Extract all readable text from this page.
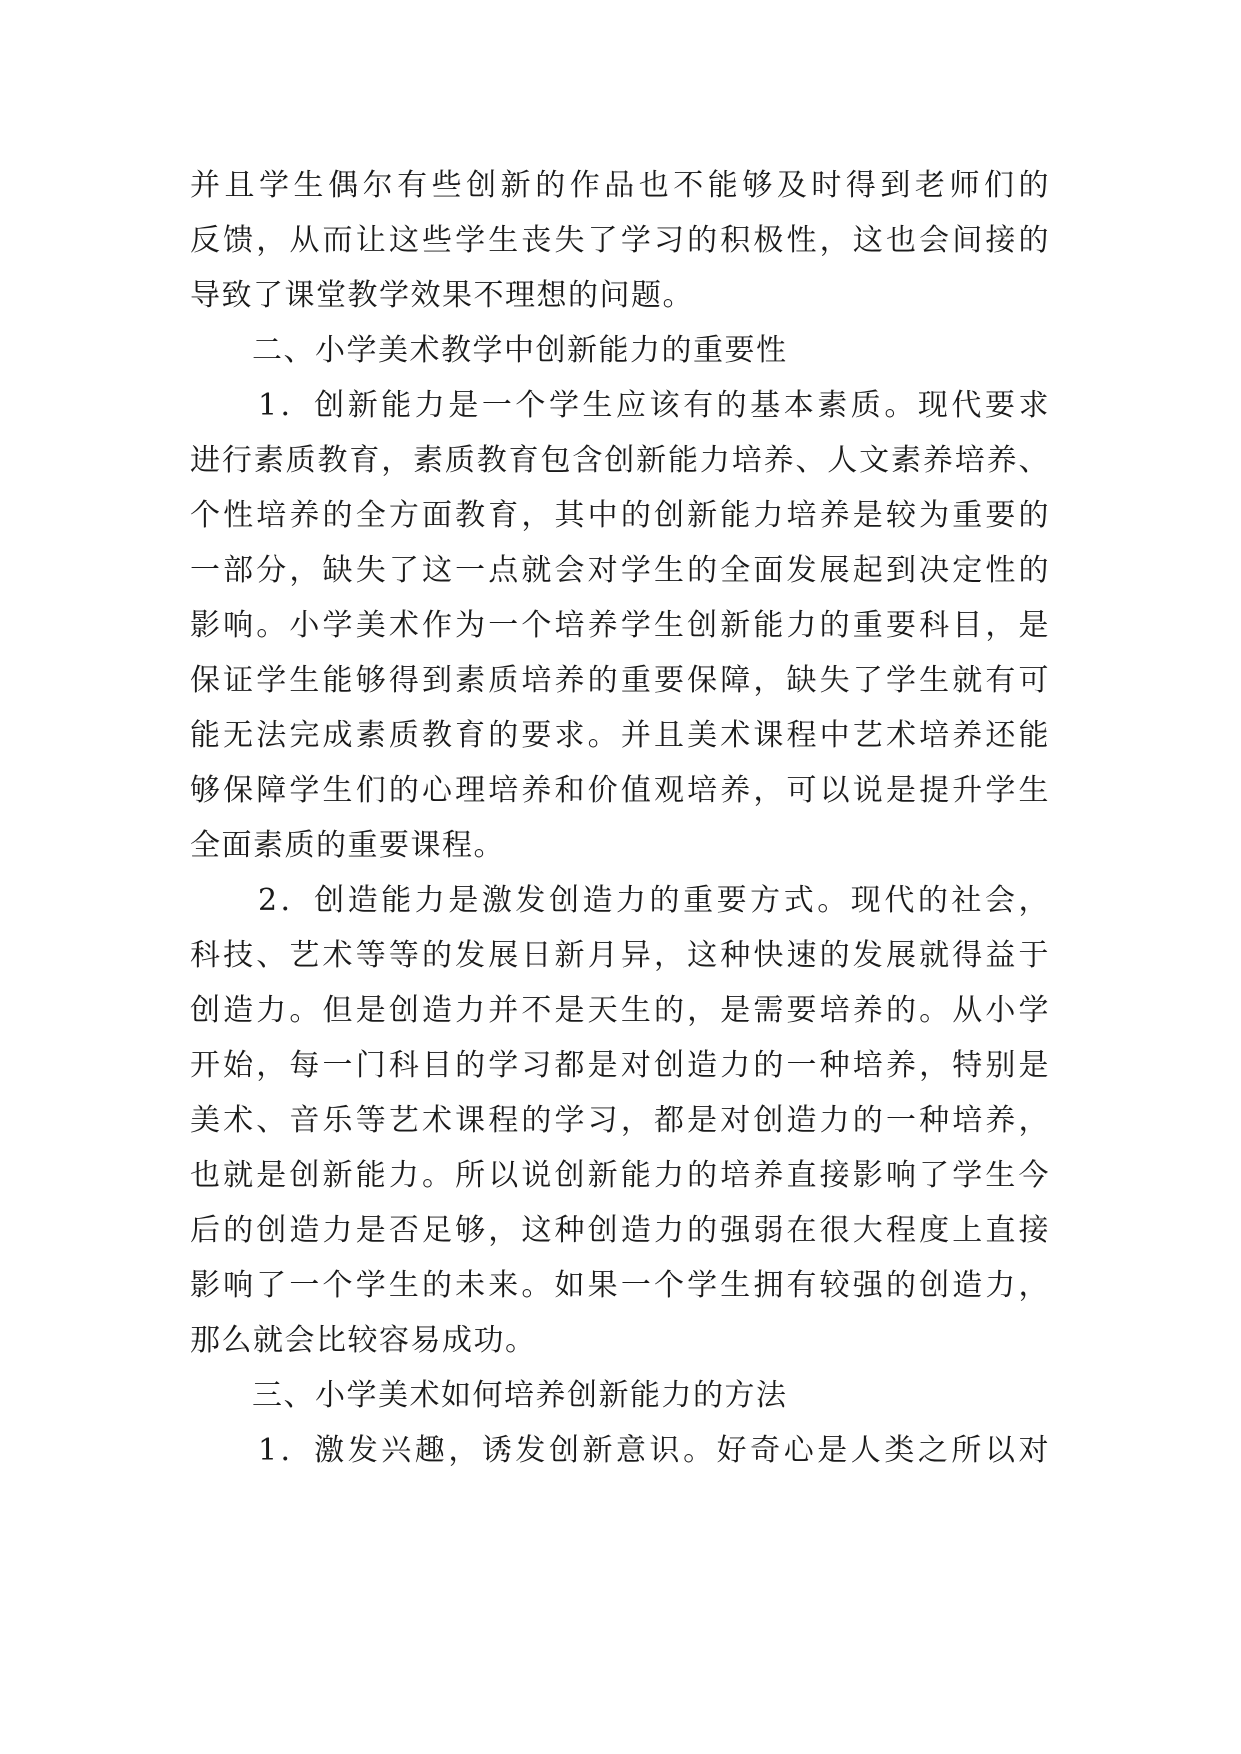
并且学生偶尔有些创新的作品也不能够及时得到老师们的
反馈，从而让这些学生丧失了学习的积极性，这也会间接的
导致了课堂教学效果不理想的问题。
二、小学美术教学中创新能力的重要性
1．创新能力是一个学生应该有的基本素质。现代要求
进行素质教育，素质教育包含创新能力培养、人文素养培养、
个性培养的全方面教育，其中的创新能力培养是较为重要的
一部分，缺失了这一点就会对学生的全面发展起到决定性的
影响。小学美术作为一个培养学生创新能力的重要科目，是
保证学生能够得到素质培养的重要保障，缺失了学生就有可
能无法完成素质教育的要求。并且美术课程中艺术培养还能
够保障学生们的心理培养和价值观培养，可以说是提升学生
全面素质的重要课程。
2．创造能力是激发创造力的重要方式。现代的社会，
科技、艺术等等的发展日新月异，这种快速的发展就得益于
创造力。但是创造力并不是天生的，是需要培养的。从小学
开始，每一门科目的学习都是对创造力的一种培养，特别是
美术、音乐等艺术课程的学习，都是对创造力的一种培养，
也就是创新能力。所以说创新能力的培养直接影响了学生今
后的创造力是否足够，这种创造力的强弱在很大程度上直接
影响了一个学生的未来。如果一个学生拥有较强的创造力，
那么就会比较容易成功。
三、小学美术如何培养创新能力的方法
1．激发兴趣，诱发创新意识。好奇心是人类之所以对
